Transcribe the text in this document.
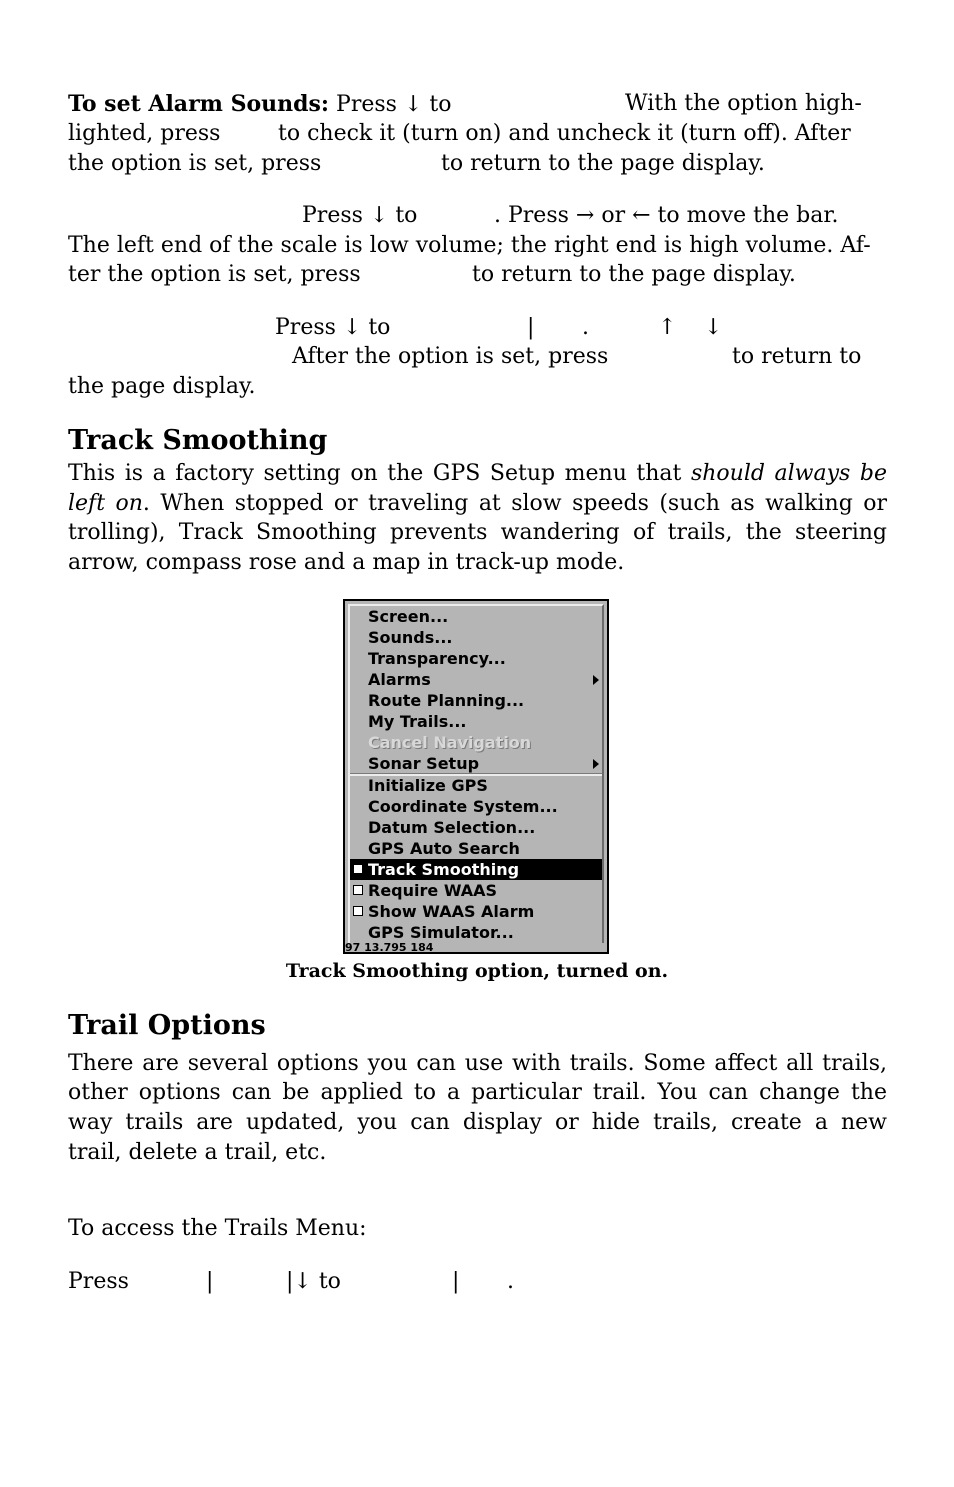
To set Alarm Sounds: Press ↓ to	With the option high-
lighted, press	to check it (turn on) and uncheck it (turn off). After
the option is set, press	to return to the page display.
Press ↓ to	. Press → or ← to move the bar.
The left end of the scale is low volume; the right end is high volume. Af-
ter the option is set, press	to return to the page display.
Press ↓ to	| .	↑ ↓
After the option is set, press	to return to
the page display.
Track Smoothing
This is a factory setting on the GPS Setup menu that should always be
left on. When stopped or traveling at slow speeds (such as walking or
trolling), Track Smoothing prevents wandering of trails, the steering
arrow, compass rose and a map in track-up mode.
Screen...
Sounds...
Transparency...
Alarms
Route Planning...
My Trails...
Cancel Navigation
Sonar Setup
Initialize GPS
Coordinate System...
Datum Selection...
GPS Auto Search
✕ Track Smoothing
Require WAAS
Show WAAS Alarm
GPS Simulator...
97 13.795 184
Track Smoothing option, turned on.
Trail Options
There are several options you can use with trails. Some affect all trails,
other options can be applied to a particular trail. You can change the
way trails are updated, you can display or hide trails, create a new
trail, delete a trail, etc.
To access the Trails Menu:
Press	|	|↓ to	| .
